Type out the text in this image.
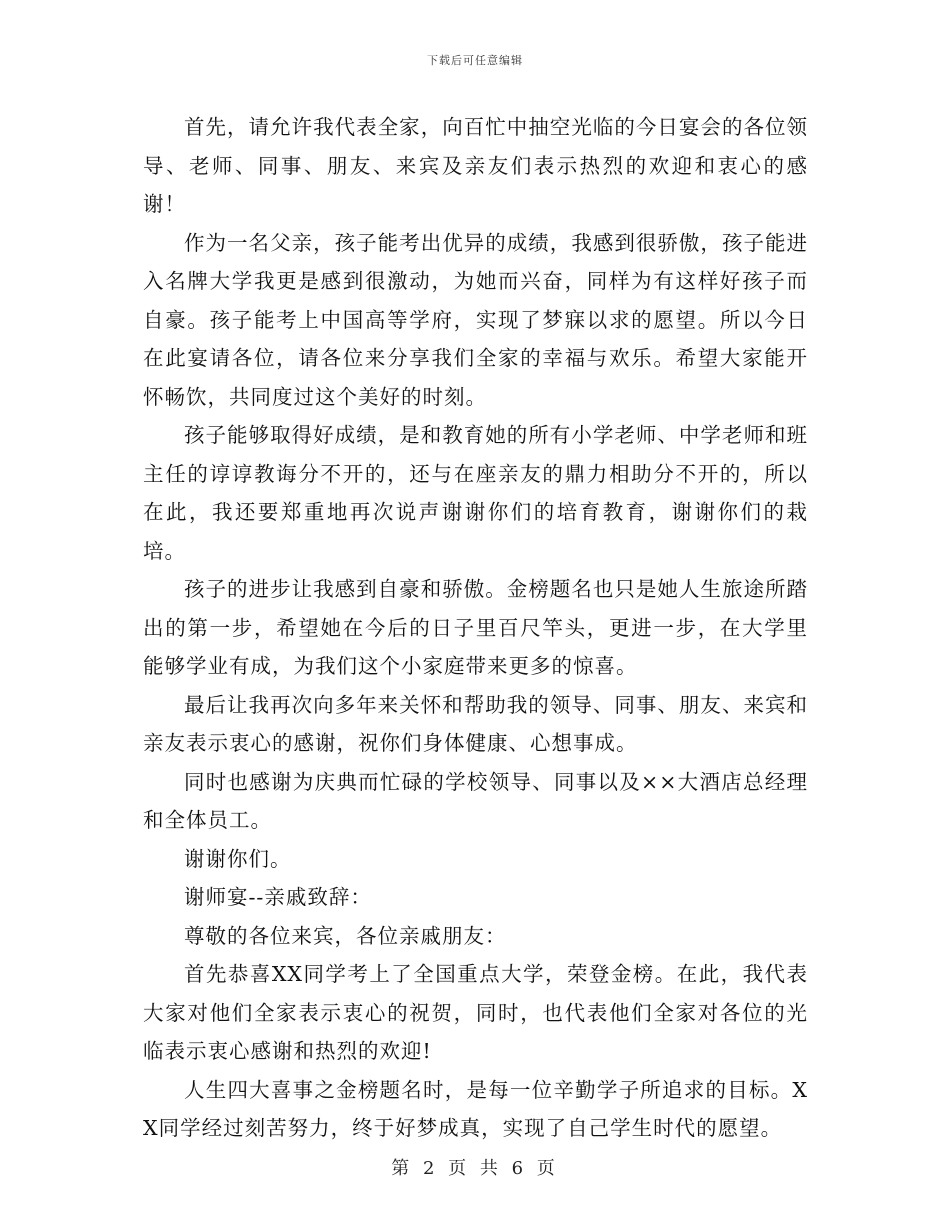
下载后可任意编辑

首先，请允许我代表全家，向百忙中抽空光临的今日宴会的各位领导、老师、同事、朋友、来宾及亲友们表示热烈的欢迎和衷心的感谢！

作为一名父亲，孩子能考出优异的成绩，我感到很骄傲，孩子能进入名牌大学我更是感到很激动，为她而兴奋，同样为有这样好孩子而自豪。孩子能考上中国高等学府，实现了梦寐以求的愿望。所以今日在此宴请各位，请各位来分享我们全家的幸福与欢乐。希望大家能开怀畅饮，共同度过这个美好的时刻。

孩子能够取得好成绩，是和教育她的所有小学老师、中学老师和班主任的谆谆教诲分不开的，还与在座亲友的鼎力相助分不开的，所以在此，我还要郑重地再次说声谢谢你们的培育教育，谢谢你们的栽培。

孩子的进步让我感到自豪和骄傲。金榜题名也只是她人生旅途所踏出的第一步，希望她在今后的日子里百尺竿头，更进一步，在大学里能够学业有成，为我们这个小家庭带来更多的惊喜。

最后让我再次向多年来关怀和帮助我的领导、同事、朋友、来宾和亲友表示衷心的感谢，祝你们身体健康、心想事成。

同时也感谢为庆典而忙碌的学校领导、同事以及××大酒店总经理和全体员工。

谢谢你们。

谢师宴--亲戚致辞：

尊敬的各位来宾，各位亲戚朋友：

首先恭喜XX同学考上了全国重点大学，荣登金榜。在此，我代表大家对他们全家表示衷心的祝贺，同时，也代表他们全家对各位的光临表示衷心感谢和热烈的欢迎!

人生四大喜事之金榜题名时，是每一位辛勤学子所追求的目标。XX同学经过刻苦努力，终于好梦成真，实现了自己学生时代的愿望。

第 2 页 共 6 页
